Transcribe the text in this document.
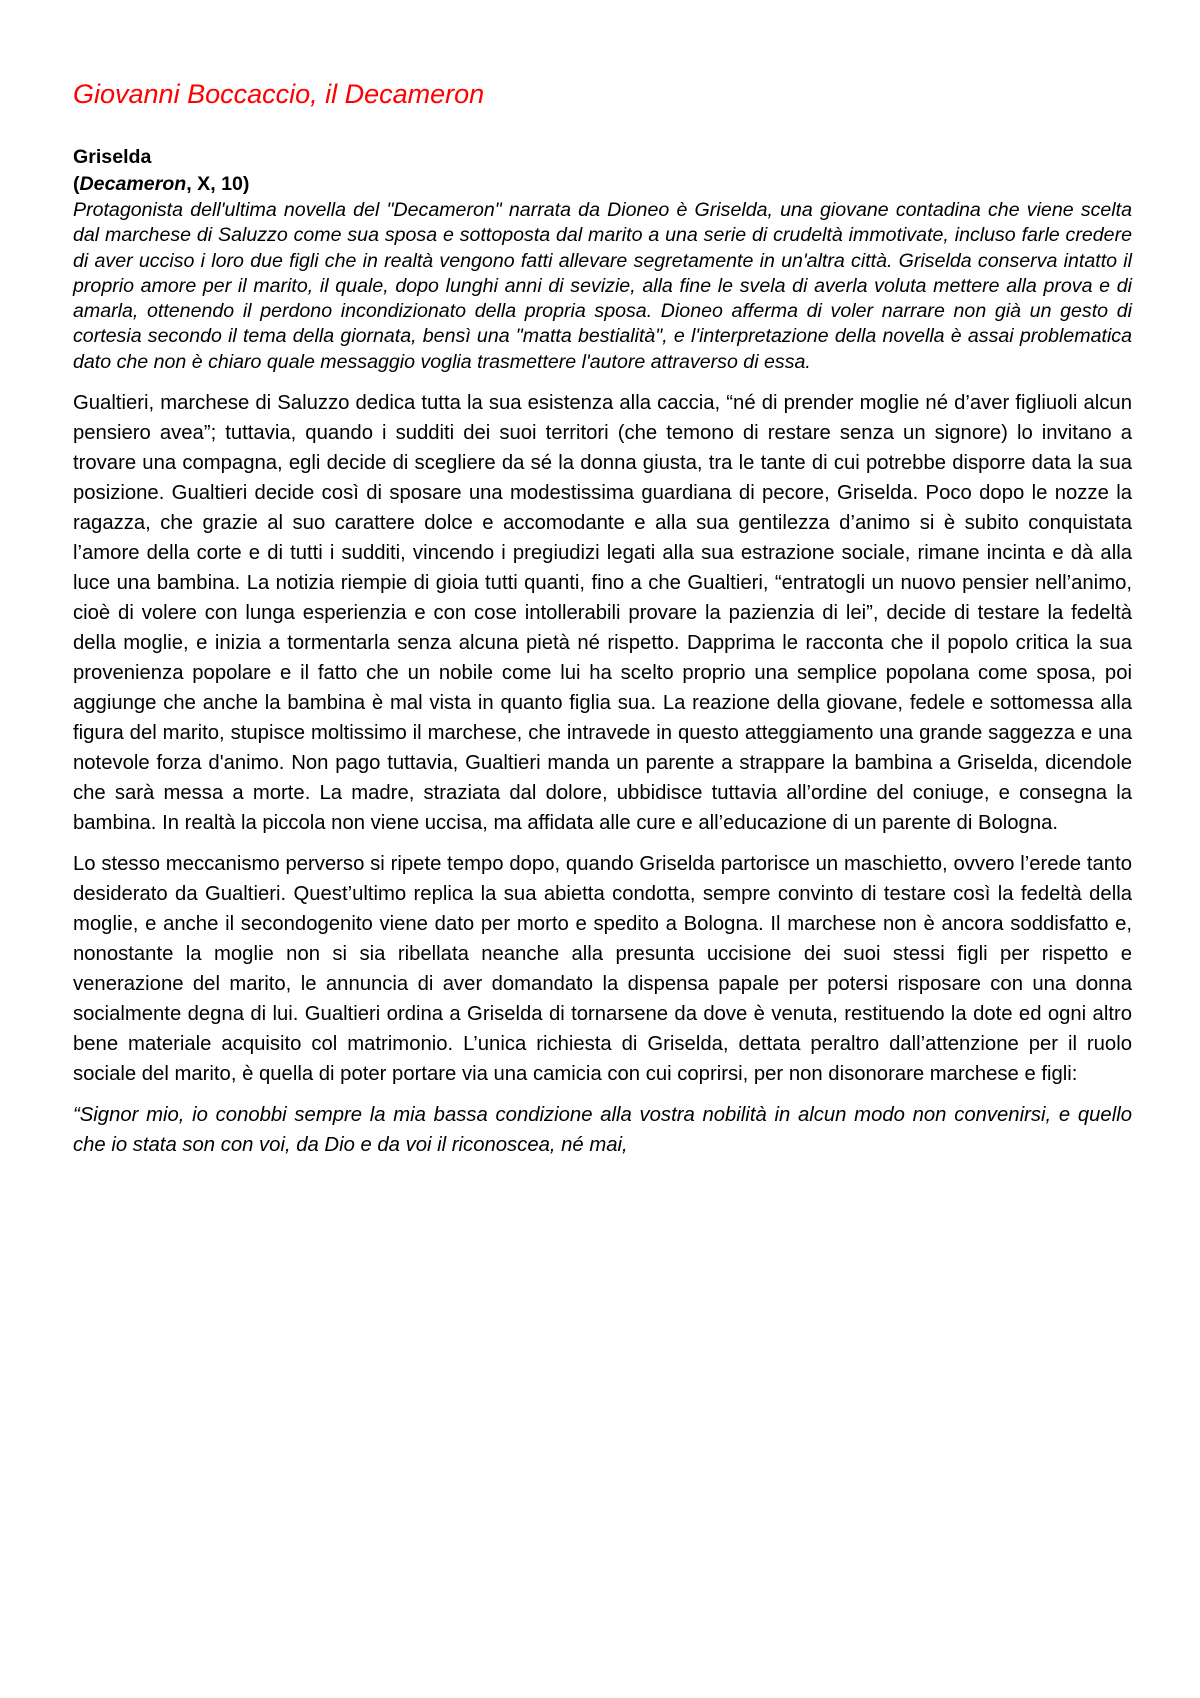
Giovanni Boccaccio, il Decameron
Griselda

(Decameron, X, 10)

Protagonista dell'ultima novella del "Decameron" narrata da Dioneo è Griselda, una giovane contadina che viene scelta dal marchese di Saluzzo come sua sposa e sottoposta dal marito a una serie di crudeltà immotivate, incluso farle credere di aver ucciso i loro due figli che in realtà vengono fatti allevare segretamente in un'altra città. Griselda conserva intatto il proprio amore per il marito, il quale, dopo lunghi anni di sevizie, alla fine le svela di averla voluta mettere alla prova e di amarla, ottenendo il perdono incondizionato della propria sposa. Dioneo afferma di voler narrare non già un gesto di cortesia secondo il tema della giornata, bensì una "matta bestialità", e l'interpretazione della novella è assai problematica dato che non è chiaro quale messaggio voglia trasmettere l'autore attraverso di essa.

Gualtieri, marchese di Saluzzo dedica tutta la sua esistenza alla caccia, “né di prender moglie né d’aver figliuoli alcun pensiero avea”; tuttavia, quando i sudditi dei suoi territori (che temono di restare senza un signore) lo invitano a trovare una compagna, egli decide di scegliere da sé la donna giusta, tra le tante di cui potrebbe disporre data la sua posizione. Gualtieri decide così di sposare una modestissima guardiana di pecore, Griselda. Poco dopo le nozze la ragazza, che grazie al suo carattere dolce e accomodante e alla sua gentilezza d’animo si è subito conquistata l’amore della corte e di tutti i sudditi, vincendo i pregiudizi legati alla sua estrazione sociale, rimane incinta e dà alla luce una bambina. La notizia riempie di gioia tutti quanti, fino a che Gualtieri, “entratogli un nuovo pensier nell’animo, cioè di volere con lunga esperienzia e con cose intollerabili provare la pazienzia di lei”, decide di testare la fedeltà della moglie, e inizia a tormentarla senza alcuna pietà né rispetto. Dapprima le racconta che il popolo critica la sua provenienza popolare e il fatto che un nobile come lui ha scelto proprio una semplice popolana come sposa, poi aggiunge che anche la bambina è mal vista in quanto figlia sua. La reazione della giovane, fedele e sottomessa alla figura del marito, stupisce moltissimo il marchese, che intravede in questo atteggiamento una grande saggezza e una notevole forza d'animo. Non pago tuttavia, Gualtieri manda un parente a strappare la bambina a Griselda, dicendole che sarà messa a morte. La madre, straziata dal dolore, ubbidisce tuttavia all’ordine del coniuge, e consegna la bambina. In realtà la piccola non viene uccisa, ma affidata alle cure e all’educazione di un parente di Bologna.

Lo stesso meccanismo perverso si ripete tempo dopo, quando Griselda partorisce un maschietto, ovvero l’erede tanto desiderato da Gualtieri. Quest’ultimo replica la sua abietta condotta, sempre convinto di testare così la fedeltà della moglie, e anche il secondogenito viene dato per morto e spedito a Bologna. Il marchese non è ancora soddisfatto e, nonostante la moglie non si sia ribellata neanche alla presunta uccisione dei suoi stessi figli per rispetto e venerazione del marito, le annuncia di aver domandato la dispensa papale per potersi risposare con una donna socialmente degna di lui. Gualtieri ordina a Griselda di tornarsene da dove è venuta, restituendo la dote ed ogni altro bene materiale acquisito col matrimonio. L’unica richiesta di Griselda, dettata peraltro dall’attenzione per il ruolo sociale del marito, è quella di poter portare via una camicia con cui coprirsi, per non disonorare marchese e figli:

“Signor mio, io conobbi sempre la mia bassa condizione alla vostra nobilità in alcun modo non convenirsi, e quello che io stata son con voi, da Dio e da voi il riconoscea, né mai,
